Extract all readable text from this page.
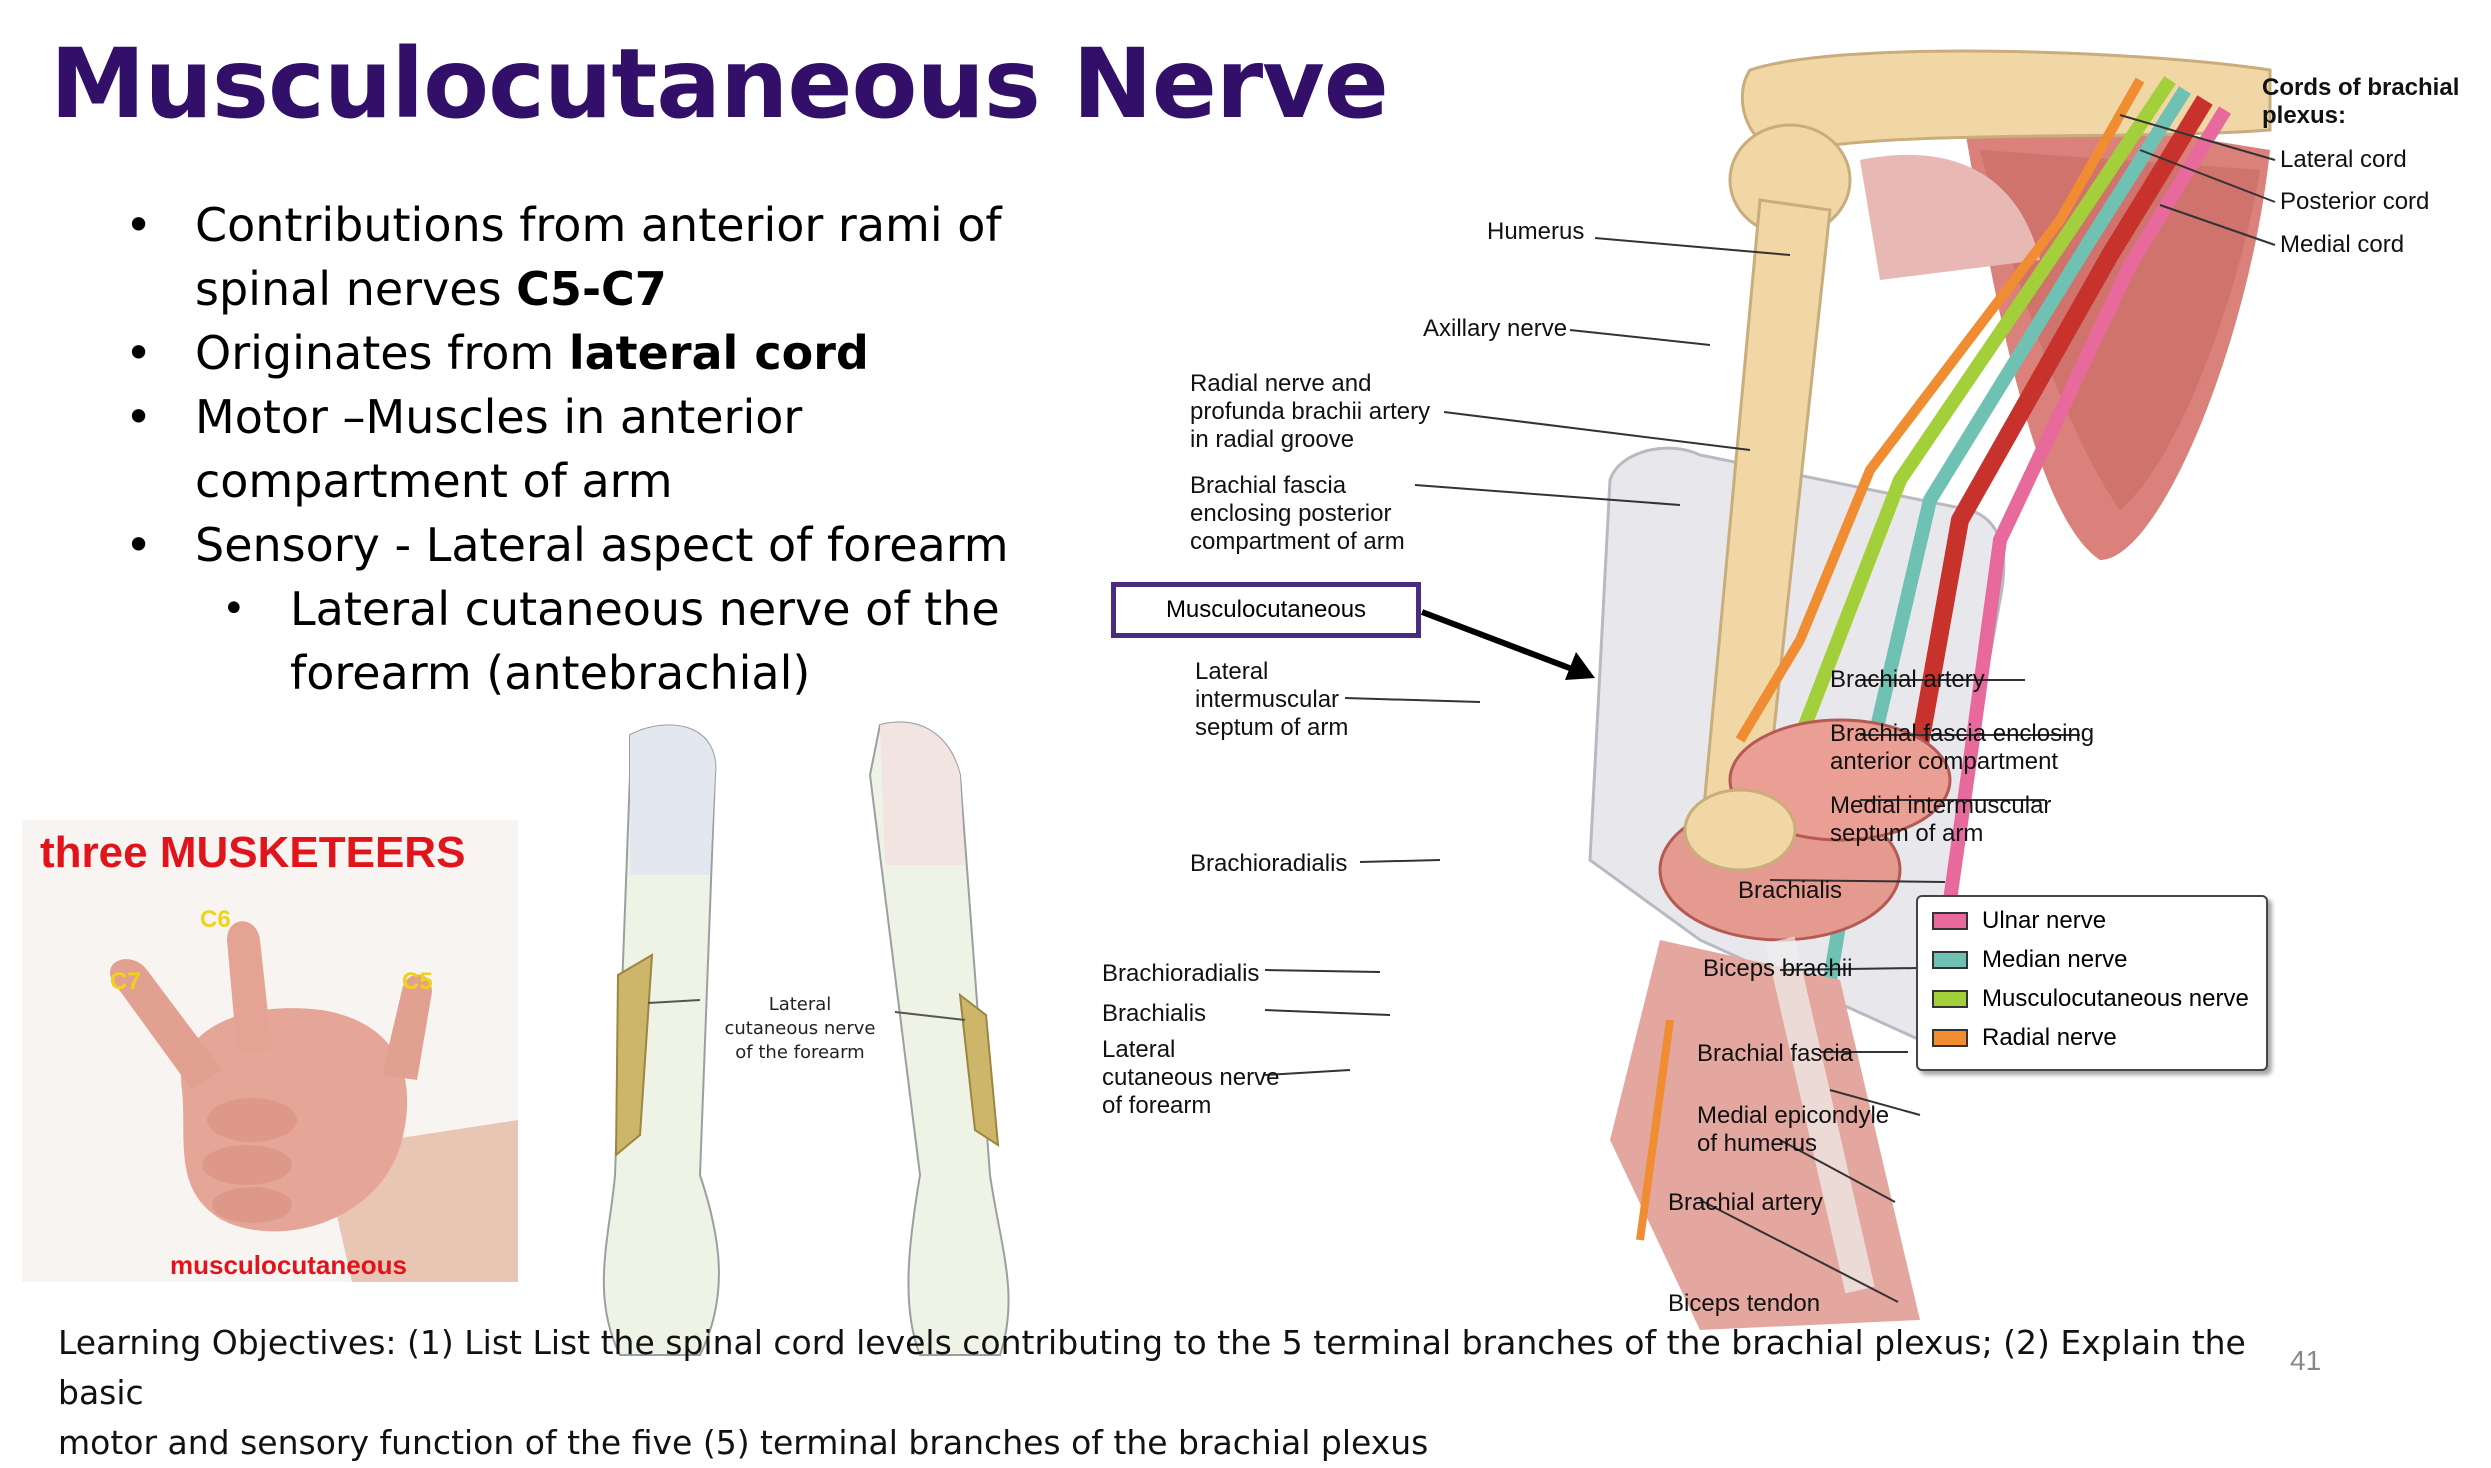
Musculocutaneous Nerve
• Contributions from anterior rami of
spinal nerves C5-C7
• Originates from lateral cord
• Motor –Muscles in anterior
compartment of arm
• Sensory - Lateral aspect of forearm
• Lateral cutaneous nerve of the
forearm (antebrachial)
three MUSKETEERS
C6
C7	C5
musculocutaneous
Lateral
cutaneous nerve
of the forearm
Cords of brachial
plexus:
Lateral cord
Posterior cord
Medial cord
Humerus
Axillary nerve
Radial nerve and
profunda brachii artery
in radial groove
Brachial fascia
enclosing posterior
compartment of arm
Musculocutaneous
Lateral
intermuscular
septum of arm
Brachial artery
Brachial fascia enclosing
anterior compartment
Medial intermuscular
septum of arm
Brachioradialis
Brachialis
Biceps brachii
Brachioradialis
Brachialis
Lateral
cutaneous nerve
of forearm
Brachial fascia
Medial epicondyle
of humerus
Brachial artery
Biceps tendon
Ulnar nerve
Median nerve
Musculocutaneous nerve
Radial nerve
Learning Objectives: (1) List List the spinal cord levels contributing to the 5 terminal branches of the brachial plexus; (2) Explain the basic
motor and sensory function of the five (5) terminal branches of the brachial plexus
41
